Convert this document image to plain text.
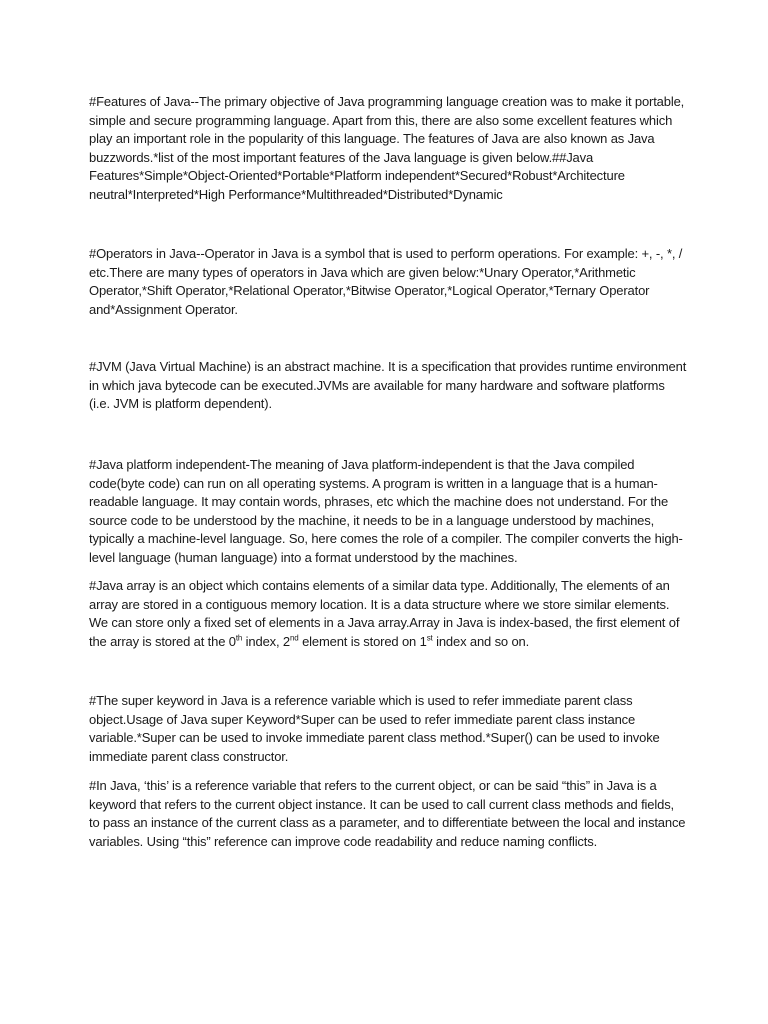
#Features of Java--The primary objective of Java programming language creation was to make it portable, simple and secure programming language. Apart from this, there are also some excellent features which play an important role in the popularity of this language. The features of Java are also known as Java buzzwords.*list of the most important features of the Java language is given below.##Java Features*Simple*Object-Oriented*Portable*Platform independent*Secured*Robust*Architecture neutral*Interpreted*High Performance*Multithreaded*Distributed*Dynamic

#Operators in Java--Operator in Java is a symbol that is used to perform operations. For example: +, -, *, / etc.There are many types of operators in Java which are given below:*Unary Operator,*Arithmetic Operator,*Shift Operator,*Relational Operator,*Bitwise Operator,*Logical Operator,*Ternary Operator and*Assignment Operator.

#JVM (Java Virtual Machine) is an abstract machine. It is a specification that provides runtime environment in which java bytecode can be executed.JVMs are available for many hardware and software platforms (i.e. JVM is platform dependent).

#Java platform independent-The meaning of Java platform-independent is that the Java compiled code(byte code) can run on all operating systems. A program is written in a language that is a human-readable language. It may contain words, phrases, etc which the machine does not understand. For the source code to be understood by the machine, it needs to be in a language understood by machines, typically a machine-level language. So, here comes the role of a compiler. The compiler converts the high-level language (human language) into a format understood by the machines.

#Java array is an object which contains elements of a similar data type. Additionally, The elements of an array are stored in a contiguous memory location. It is a data structure where we store similar elements. We can store only a fixed set of elements in a Java array.Array in Java is index-based, the first element of the array is stored at the 0th index, 2nd element is stored on 1st index and so on.

#The super keyword in Java is a reference variable which is used to refer immediate parent class object.Usage of Java super Keyword*Super can be used to refer immediate parent class instance variable.*Super can be used to invoke immediate parent class method.*Super() can be used to invoke immediate parent class constructor.

#In Java, ‘this’ is a reference variable that refers to the current object, or can be said “this” in Java is a keyword that refers to the current object instance. It can be used to call current class methods and fields, to pass an instance of the current class as a parameter, and to differentiate between the local and instance variables. Using “this” reference can improve code readability and reduce naming conflicts.
